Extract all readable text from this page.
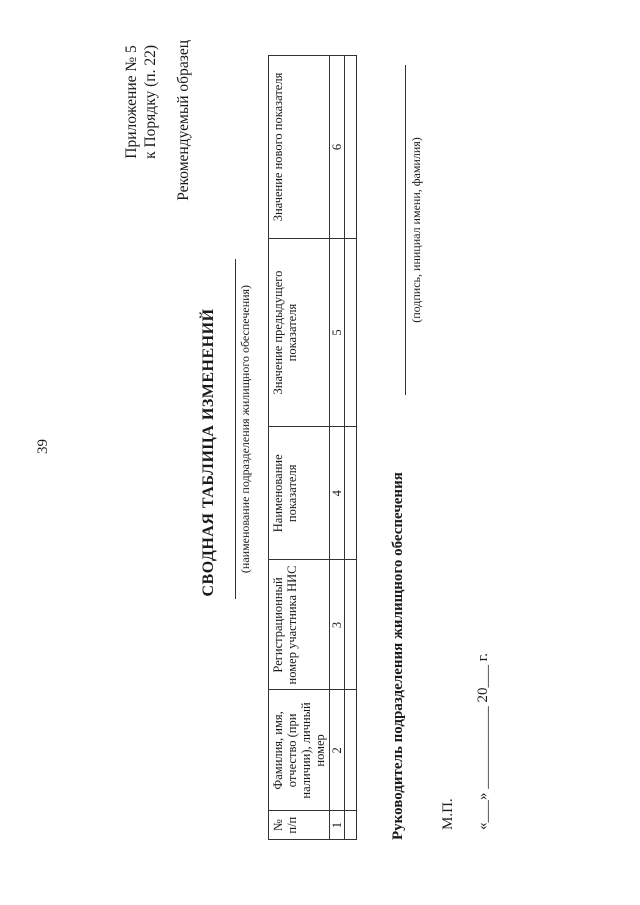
39
Приложение № 5 к Порядку (п. 22) Рекомендуемый образец
СВОДНАЯ ТАБЛИЦА ИЗМЕНЕНИЙ (наименование подразделения жилищного обеспечения)
№ п/п	Фамилия, имя, отчество (при наличии), личный номер	Регистрационный номер участника НИС	Наименование показателя	Значение предыдущего показателя	Значение нового показателя
1	2	3	4	5	6

Руководитель подразделения жилищного обеспечения
(подпись, инициал имени, фамилия)
М.П. «___» ___________ 20___ г.
